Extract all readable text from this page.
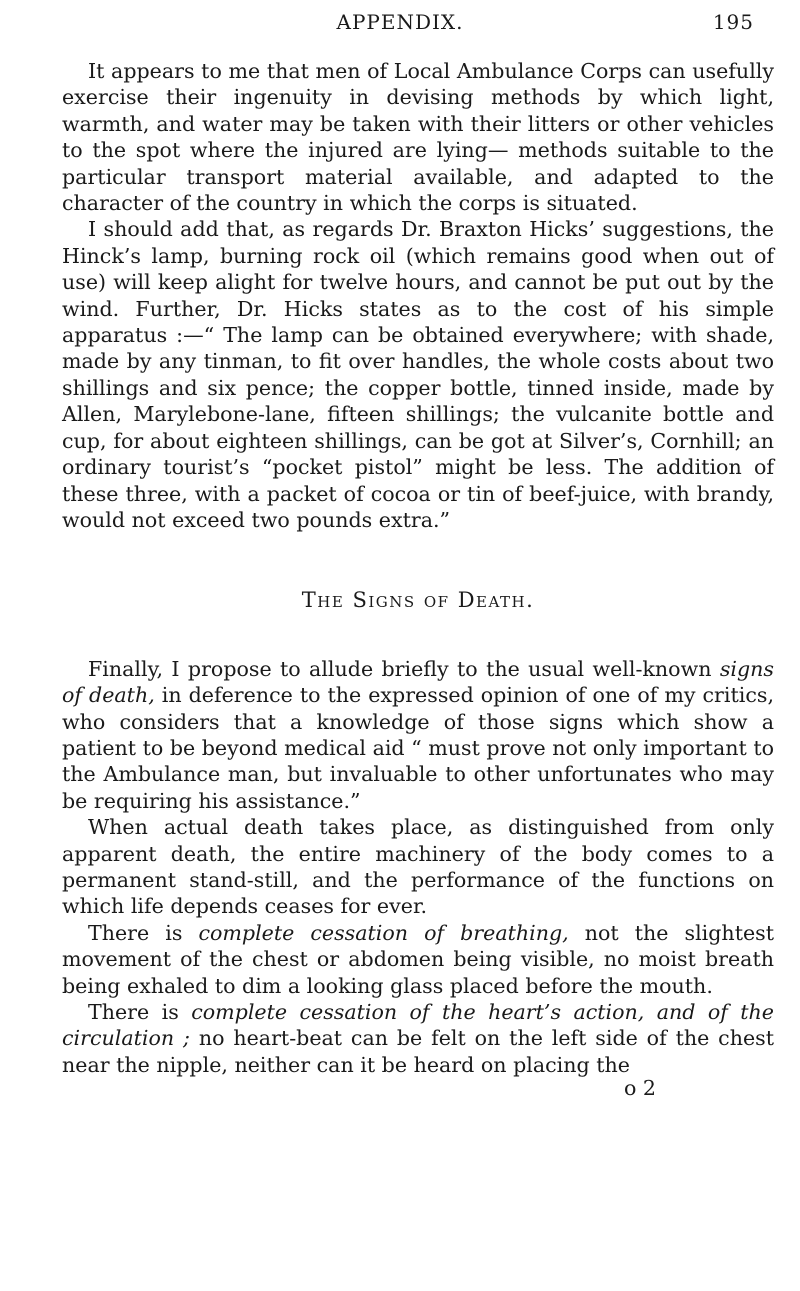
APPENDIX.	195

It appears to me that men of Local Ambulance Corps can usefully exercise their ingenuity in devising methods by which light, warmth, and water may be taken with their litters or other vehicles to the spot where the injured are lying— methods suitable to the particular transport material available, and adapted to the character of the country in which the corps is situated.

I should add that, as regards Dr. Braxton Hicks’ suggestions, the Hinck’s lamp, burning rock oil (which remains good when out of use) will keep alight for twelve hours, and cannot be put out by the wind. Further, Dr. Hicks states as to the cost of his simple apparatus :—“ The lamp can be obtained everywhere; with shade, made by any tinman, to fit over handles, the whole costs about two shillings and six pence; the copper bottle, tinned inside, made by Allen, Marylebone-lane, fifteen shillings; the vulcanite bottle and cup, for about eighteen shillings, can be got at Silver’s, Cornhill; an ordinary tourist’s “pocket pistol” might be less. The addition of these three, with a packet of cocoa or tin of beef-juice, with brandy, would not exceed two pounds extra.”

The Signs of Death.

Finally, I propose to allude briefly to the usual well-known signs of death, in deference to the expressed opinion of one of my critics, who considers that a knowledge of those signs which show a patient to be beyond medical aid “ must prove not only important to the Ambulance man, but invaluable to other unfortunates who may be requiring his assistance.”

When actual death takes place, as distinguished from only apparent death, the entire machinery of the body comes to a permanent stand-still, and the performance of the functions on which life depends ceases for ever.

There is complete cessation of breathing, not the slightest movement of the chest or abdomen being visible, no moist breath being exhaled to dim a looking glass placed before the mouth.

There is complete cessation of the heart’s action, and of the circulation ; no heart-beat can be felt on the left side of the chest near the nipple, neither can it be heard on placing the

o 2
